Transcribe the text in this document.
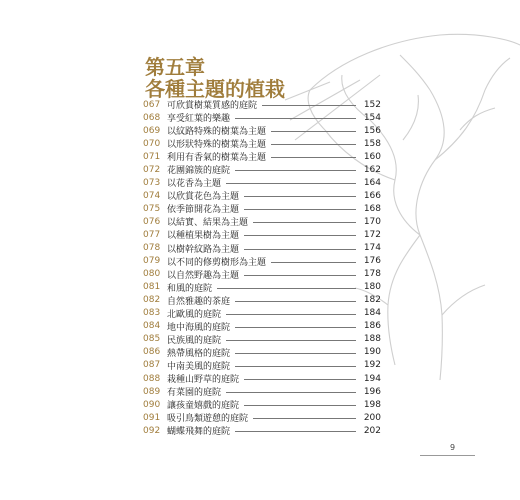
第五章
各種主題的植栽
067 可欣賞樹葉質感的庭院	152
068 享受紅葉的樂趣	154
069 以紋路特殊的樹葉為主題	156
070 以形狀特殊的樹葉為主題	158
071 利用有香氣的樹葉為主題	160
072 花團錦簇的庭院	162
073 以花香為主題	164
074 以欣賞花色為主題	166
075 依季節開花為主題	168
076 以結實、結果為主題	170
077 以種植果樹為主題	172
078 以樹幹紋路為主題	174
079 以不同的修剪樹形為主題	176
080 以自然野趣為主題	178
081 和風的庭院	180
082 自然雅趣的茶庭	182
083 北歐風的庭院	184
084 地中海風的庭院	186
085 民族風的庭院	188
086 熱帶風格的庭院	190
087 中南美風的庭院	192
088 栽種山野草的庭院	194
089 有菜園的庭院	196
090 讓孩童嬉戲的庭院	198
091 吸引鳥類遊憩的庭院	200
092 蝴蝶飛舞的庭院	202
9
